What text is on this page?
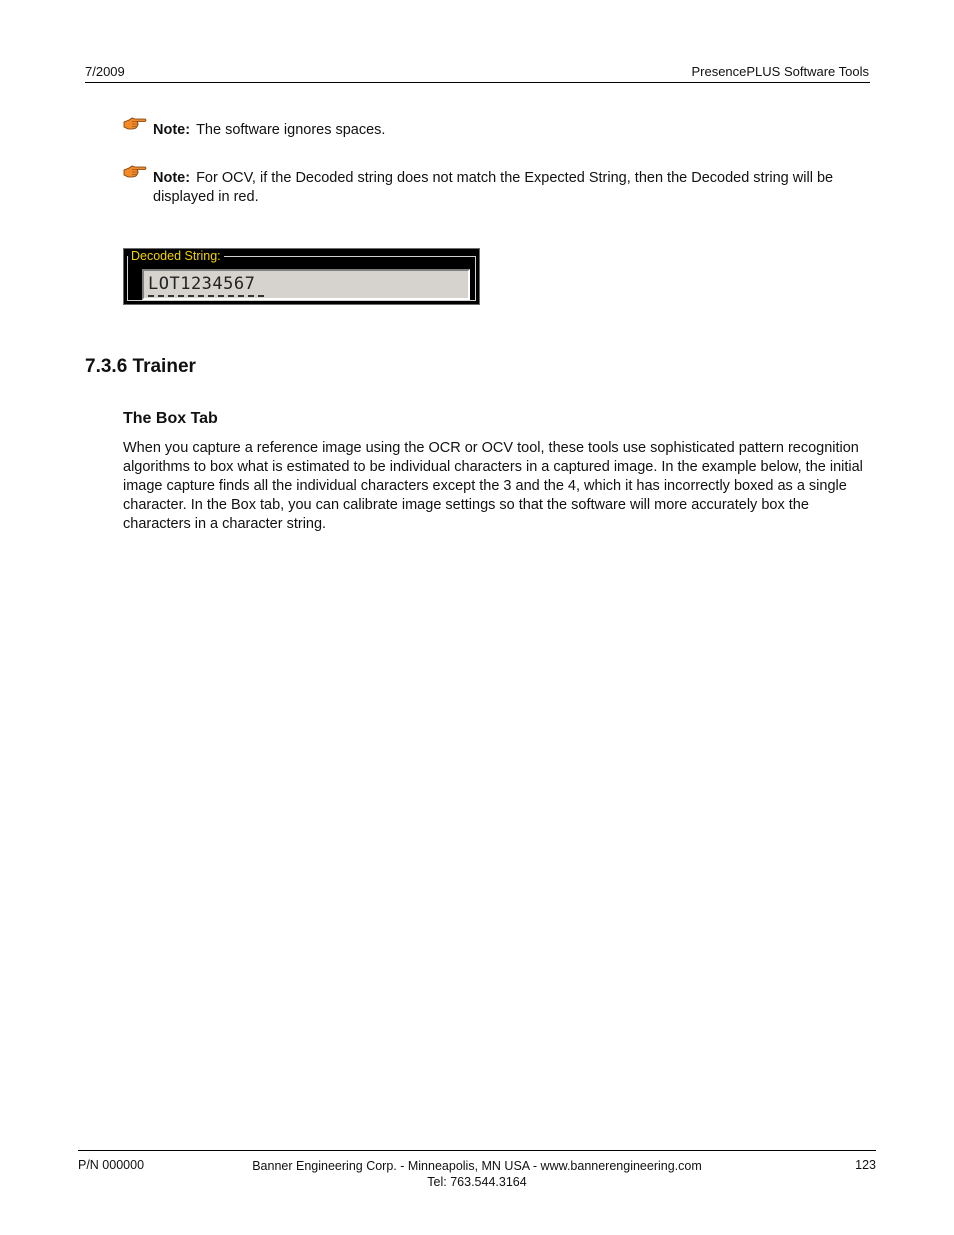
7/2009	PresencePLUS Software Tools
Note: The software ignores spaces.
Note: For OCV, if the Decoded string does not match the Expected String, then the Decoded string will be displayed in red.
Decoded String:
LOT1234567
7.3.6 Trainer
The Box Tab
When you capture a reference image using the OCR or OCV tool, these tools use sophisticated pattern recognition algorithms to box what is estimated to be individual characters in a captured image. In the example below, the initial image capture finds all the individual characters except the 3 and the 4, which it has incorrectly boxed as a single character. In the Box tab, you can calibrate image settings so that the software will more accurately box the characters in a character string.
P/N 000000	Banner Engineering Corp. - Minneapolis, MN USA - www.bannerengineering.com
Tel: 763.544.3164
123
